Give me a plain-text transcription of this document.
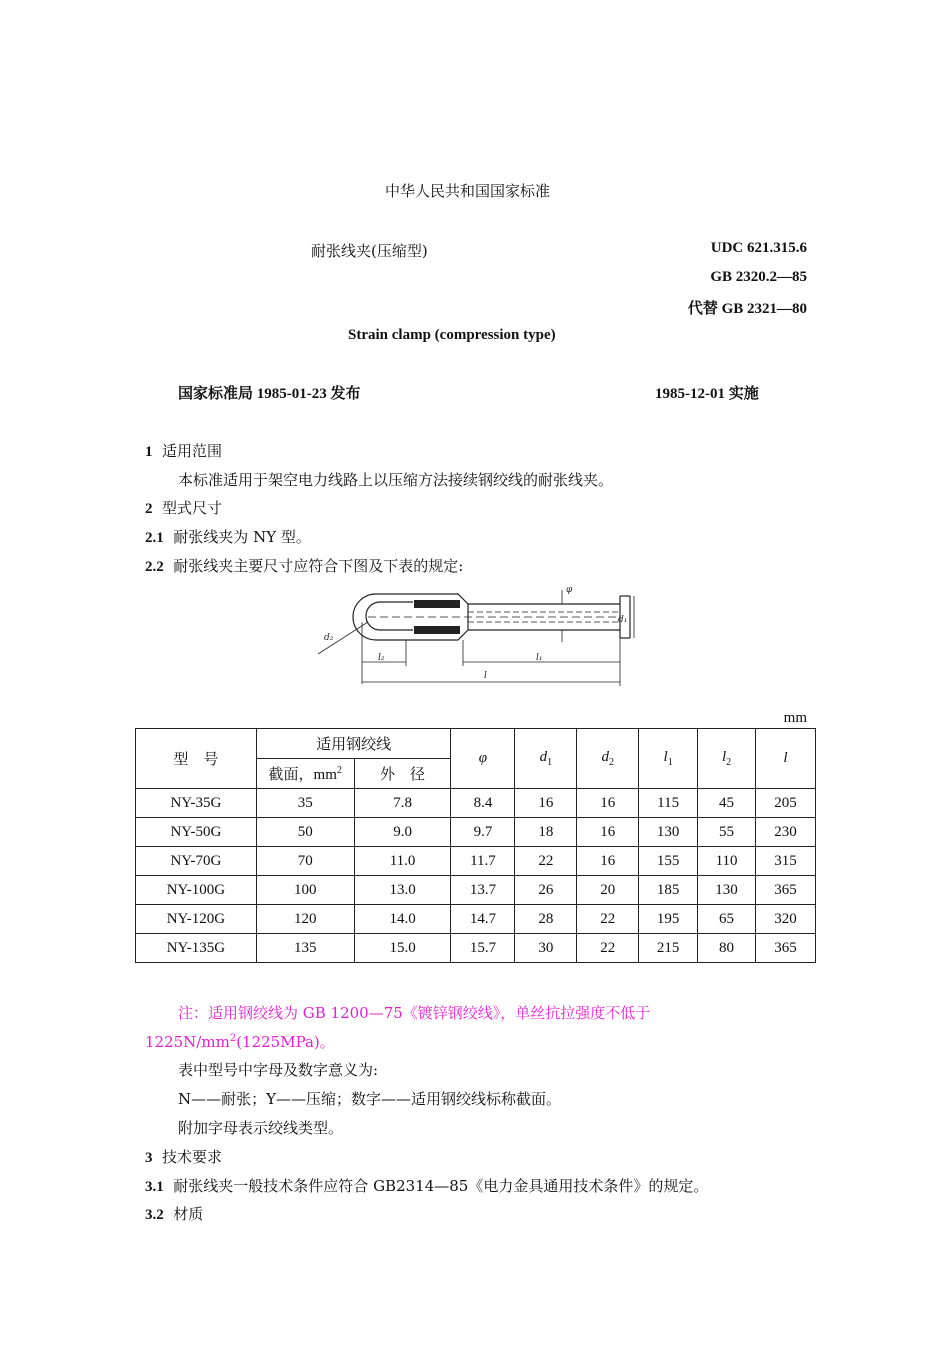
中华人民共和国国家标准
耐张线夹(压缩型)	UDC 621.315.6
GB 2320.2—85
代替 GB 2321—80
Strain clamp (compression type)
国家标准局 1985-01-23 发布	1985-12-01 实施
1 适用范围
本标准适用于架空电力线路上以压缩方法接续钢绞线的耐张线夹。
2 型式尺寸
2.1 耐张线夹为 NY 型。
2.2 耐张线夹主要尺寸应符合下图及下表的规定:
d₂
l₂	l₁
l
φ
d₁
mm
型　号	适用钢绞线		φ	$d_1$	$d_2$	$l_1$	$l_2$	l
	截面，$mm^2$	外　径						
NY-35G	35	7.8	8.4	16	16	115	45	205
NY-50G	50	9.0	9.7	18	16	130	55	230
NY-70G	70	11.0	11.7	22	16	155	110	315
NY-100G	100	13.0	13.7	26	20	185	130	365
NY-120G	120	14.0	14.7	28	22	195	65	320
NY-135G	135	15.0	15.7	30	22	215	80	365
注：适用钢绞线为 GB 1200—75《镀锌钢绞线》，单丝抗拉强度不低于
$1225N/mm^2(1225MPa)$。
表中型号中字母及数字意义为:
N——耐张；Y——压缩；数字——适用钢绞线标称截面。
附加字母表示绞线类型。
3 技术要求
3.1 耐张线夹一般技术条件应符合 GB2314—85《电力金具通用技术条件》的规定。
3.2 材质
